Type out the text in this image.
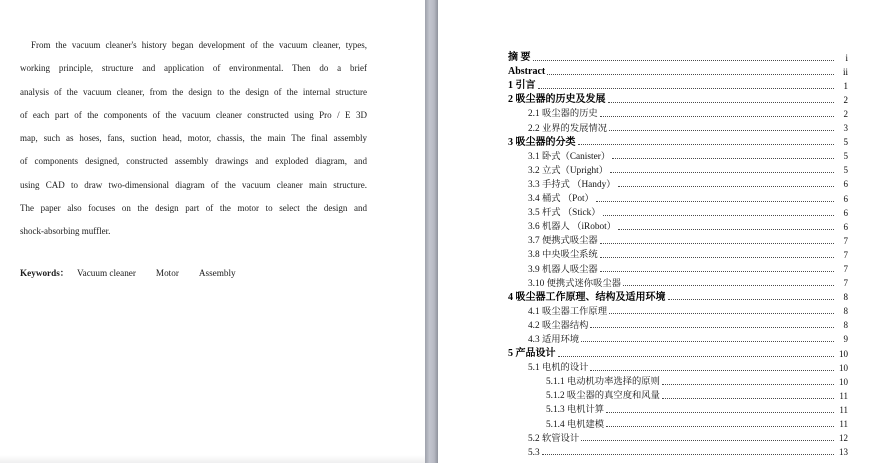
From the vacuum cleaner's history began development of the vacuum cleaner, types,
working principle, structure and application of environmental. Then do a brief
analysis of the vacuum cleaner, from the design to the design of the internal structure
of each part of the components of the vacuum cleaner constructed using Pro / E 3D
map, such as hoses, fans, suction head, motor, chassis, the main The final assembly
of components designed, constructed assembly drawings and exploded diagram, and
using CAD to draw two-dimensional diagram of the vacuum cleaner main structure.
The paper also focuses on the design part of the motor to select the design and
shock-absorbing muffler.
Keywords： Vacuum cleaner Motor Assembly
摘 要	i
Abstract	ii
1 引言	1
2 吸尘器的历史及发展	2
2.1 吸尘器的历史	2
2.2 业界的发展情况	3
3 吸尘器的分类	5
3.1 卧式（Canister）	5
3.2 立式（Upright）	5
3.3 手持式 （Handy）	6
3.4 桶式 （Pot）	6
3.5 杆式 （Stick）	6
3.6 机器人 （iRobot）	6
3.7 便携式吸尘器	7
3.8 中央吸尘系统	7
3.9 机器人吸尘器	7
3.10 便携式迷你吸尘器	7
4 吸尘器工作原理、结构及适用环境	8
4.1 吸尘器工作原理	8
4.2 吸尘器结构	8
4.3 适用环境	9
5 产品设计	10
5.1 电机的设计	10
5.1.1 电动机功率选择的原则	10
5.1.2 吸尘器的真空度和风量	11
5.1.3 电机计算	11
5.1.4 电机建模	11
5.2 软管设计	12
5.3	13
